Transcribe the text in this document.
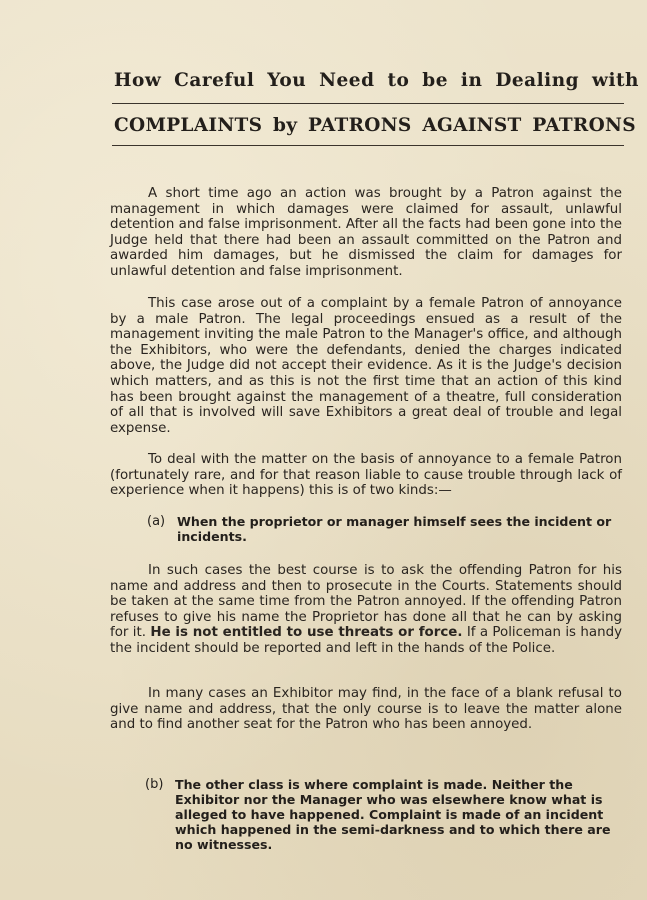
How Careful You Need to be in Dealing with
COMPLAINTS by PATRONS AGAINST PATRONS

A short time ago an action was brought by a Patron against the management in which damages were claimed for assault, unlawful detention and false imprisonment. After all the facts had been gone into the Judge held that there had been an assault committed on the Patron and awarded him damages, but he dismissed the claim for damages for unlawful detention and false imprisonment.

This case arose out of a complaint by a female Patron of annoyance by a male Patron. The legal proceedings ensued as a result of the management inviting the male Patron to the Manager's office, and although the Exhibitors, who were the defendants, denied the charges indicated above, the Judge did not accept their evidence. As it is the Judge's decision which matters, and as this is not the first time that an action of this kind has been brought against the management of a theatre, full consideration of all that is involved will save Exhibitors a great deal of trouble and legal expense.

To deal with the matter on the basis of annoyance to a female Patron (fortunately rare, and for that reason liable to cause trouble through lack of experience when it happens) this is of two kinds:—

(a) When the proprietor or manager himself sees the incident or incidents.

In such cases the best course is to ask the offending Patron for his name and address and then to prosecute in the Courts. Statements should be taken at the same time from the Patron annoyed. If the offending Patron refuses to give his name the Proprietor has done all that he can by asking for it. He is not entitled to use threats or force. If a Policeman is handy the incident should be reported and left in the hands of the Police.

In many cases an Exhibitor may find, in the face of a blank refusal to give name and address, that the only course is to leave the matter alone and to find another seat for the Patron who has been annoyed.

(b) The other class is where complaint is made. Neither the Exhibitor nor the Manager who was elsewhere know what is alleged to have happened. Complaint is made of an incident which happened in the semi-darkness and to which there are no witnesses.
